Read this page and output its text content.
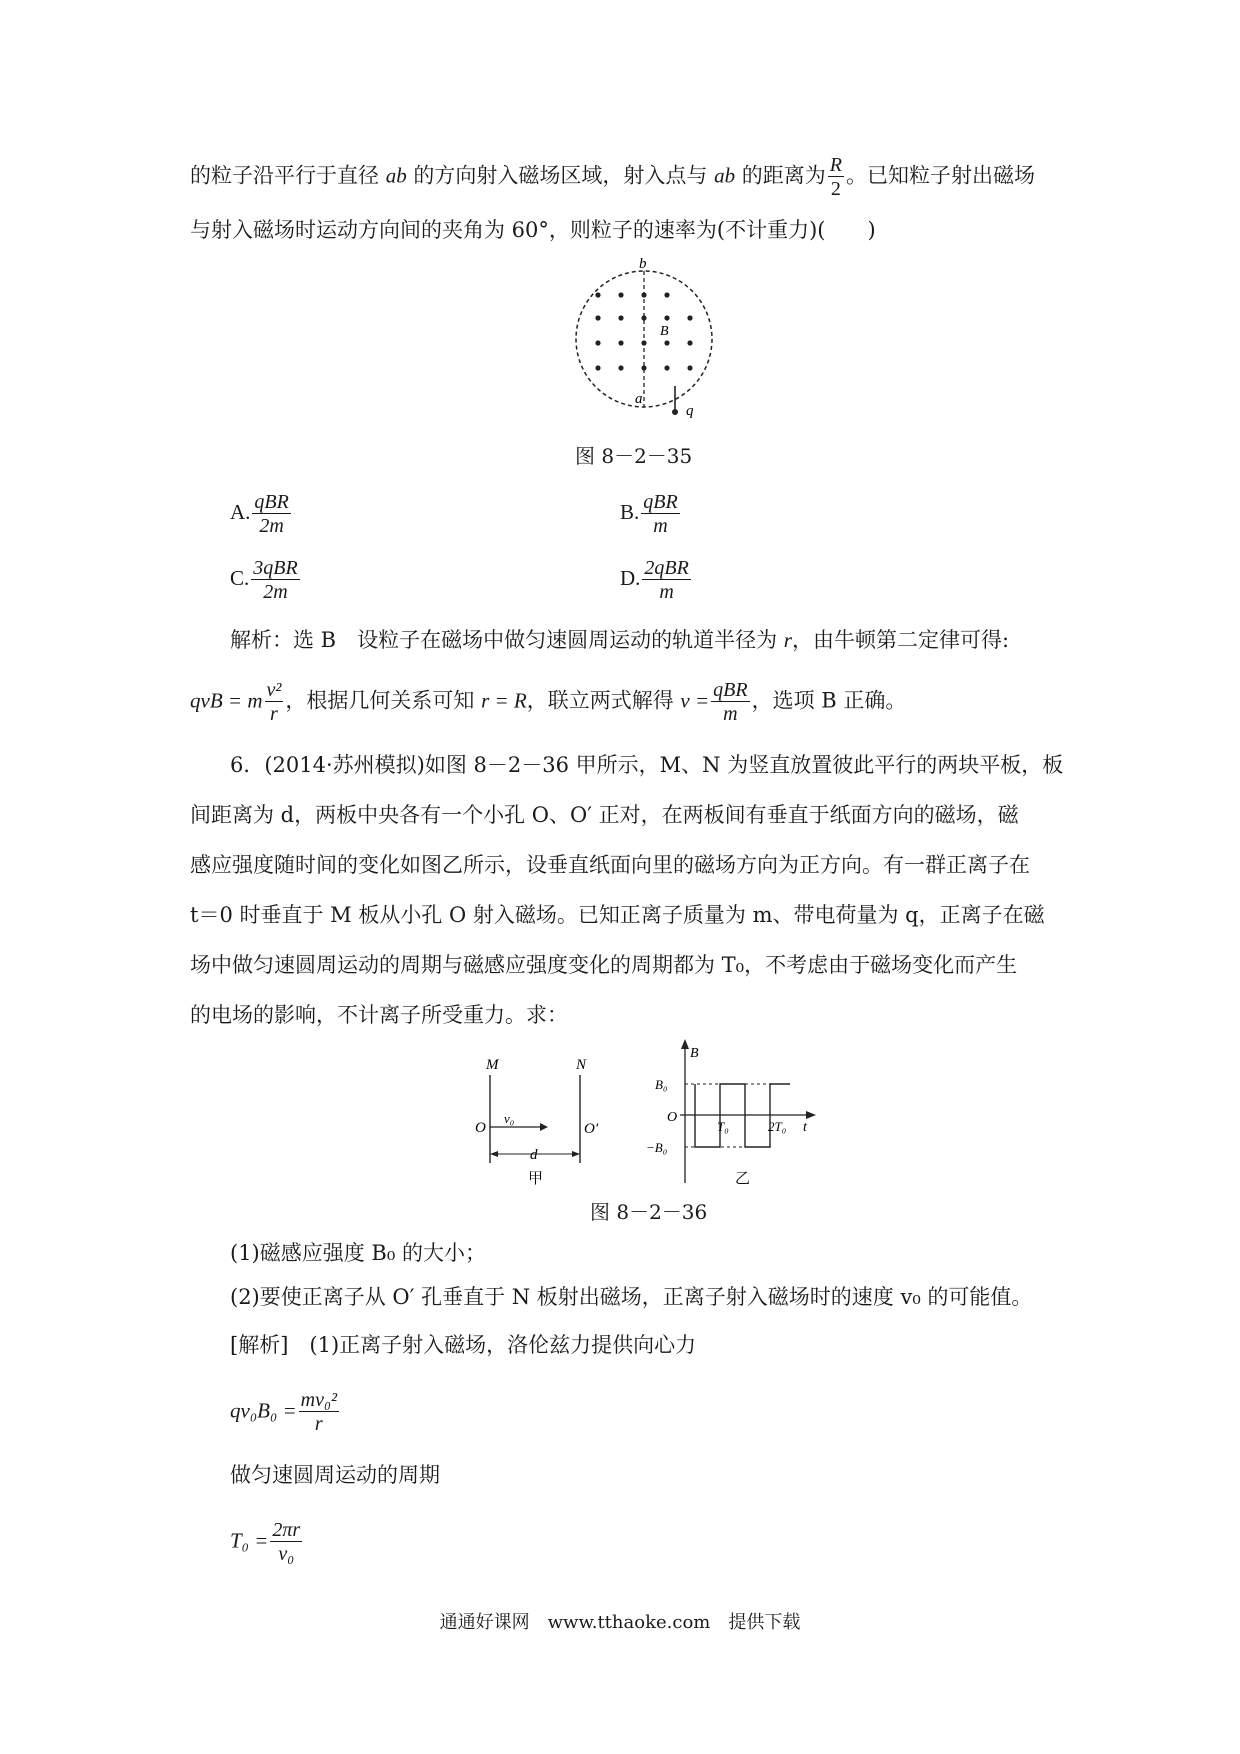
的粒子沿平行于直径 ab 的方向射入磁场区域，射入点与 ab 的距离为 $\frac{R}{2}$ 。已知粒子射出磁场
与射入磁场时运动方向间的夹角为 60°，则粒子的速率为(不计重力)(　　)
b
a
B
q
图 8－2－35
A. $\frac{\text{qBR}}{2m}$	B. $\frac{\text{qBR}}{m}$
C. $\frac{\text{3qBR}}{2m}$	D. $\frac{\text{2qBR}}{m}$
解析：选 B　设粒子在磁场中做匀速圆周运动的轨道半径为 r，由牛顿第二定律可得:
qvB = m $\frac{\text{v²}}{r}$ ，根据几何关系可知 r = R，联立两式解得 $v = \frac{\text{qBR}}{m}$ ，选项 B 正确。
6．(2014·苏州模拟)如图 8－2－36 甲所示，M、N 为竖直放置彼此平行的两块平板，板
间距离为 d，两板中央各有一个小孔 O、O′ 正对，在两板间有垂直于纸面方向的磁场，磁
感应强度随时间的变化如图乙所示，设垂直纸面向里的磁场方向为正方向。有一群正离子在
t＝0 时垂直于 M 板从小孔 O 射入磁场。已知正离子质量为 m、带电荷量为 q，正离子在磁
场中做匀速圆周运动的周期与磁感应强度变化的周期都为 T₀，不考虑由于磁场变化而产生
的电场的影响，不计离子所受重力。求：
M	N
O
v₀
O′
d
甲
B
B₀
O
T₀	2T₀ t
−B₀
乙
图 8－2－36
(1)磁感应强度 B₀ 的大小；
(2)要使正离子从 O′ 孔垂直于 N 板射出磁场，正离子射入磁场时的速度 v₀ 的可能值。
[解析]　(1)正离子射入磁场，洛伦兹力提供向心力
$qv_0B_0 = \frac{\text{mv₀²}}{r}$
做匀速圆周运动的周期
$T_0 = \frac{2\pi r}{\text{v₀}}$
通通好课网　www.tthaoke.com　提供下载
